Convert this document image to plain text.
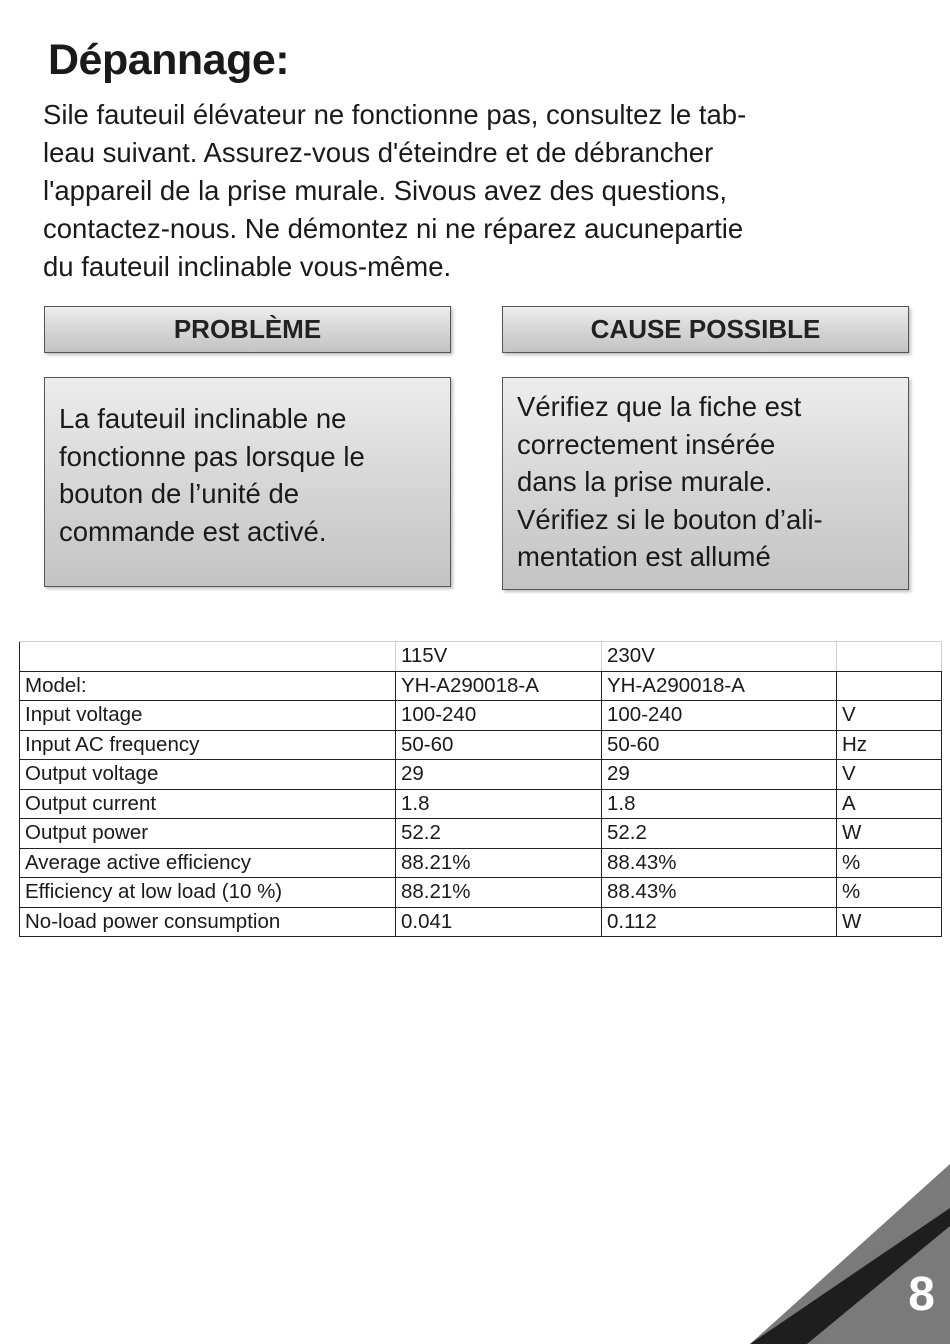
Dépannage:
Sile fauteuil élévateur ne fonctionne pas, consultez le tab-
leau suivant. Assurez-vous d'éteindre et de débrancher
l'appareil de la prise murale. Sivous avez des questions,
contactez-nous. Ne démontez ni ne réparez aucunepartie
du fauteuil inclinable vous-même.
PROBLÈME	CAUSE POSSIBLE
La fauteuil inclinable ne
fonctionne pas lorsque le
bouton de l’unité de
commande est activé.
Vérifiez que la fiche est
correctement insérée
dans la prise murale.
Vérifiez si le bouton d’ali-
mentation est allumé
	115V	230V	
Model:	YH-A290018-A	YH-A290018-A	
Input voltage	100-240	100-240	V
Input AC frequency	50-60	50-60	Hz
Output voltage	29	29	V
Output current	1.8	1.8	A
Output power	52.2	52.2	W
Average active efficiency	88.21%	88.43%	%
Efficiency at low load (10 %)	88.21%	88.43%	%
No-load power consumption	0.041	0.112	W
8
